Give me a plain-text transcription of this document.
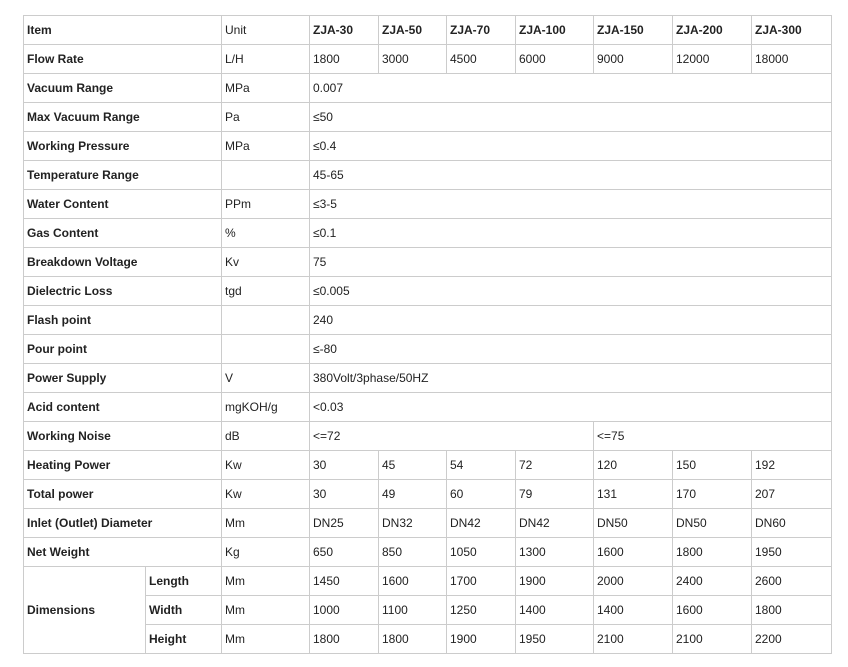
Item		Unit	ZJA-30	ZJA-50	ZJA-70	ZJA-100	ZJA-150	ZJA-200	ZJA-300
Flow Rate		L/H	1800	3000	4500	6000	9000	12000	18000
Vacuum Range		MPa	0.007						
Max Vacuum Range		Pa	≤50						
Working Pressure		MPa	≤0.4						
Temperature Range			45-65						
Water Content		PPm	≤3-5						
Gas Content		%	≤0.1						
Breakdown Voltage		Kv	75						
Dielectric Loss		tgd	≤0.005						
Flash point			240						
Pour point			≤-80						
Power Supply		V	380Volt/3phase/50HZ						
Acid content		mgKOH/g	<0.03						
Working Noise		dB	<=72				<=75		
Heating Power		Kw	30	45	54	72	120	150	192
Total power		Kw	30	49	60	79	131	170	207
Inlet (Outlet) Diameter		Mm	DN25	DN32	DN42	DN42	DN50	DN50	DN60
Net Weight		Kg	650	850	1050	1300	1600	1800	1950
Dimensions	Length	Mm	1450	1600	1700	1900	2000	2400	2600
	Width	Mm	1000	1100	1250	1400	1400	1600	1800
	Height	Mm	1800	1800	1900	1950	2100	2100	2200
